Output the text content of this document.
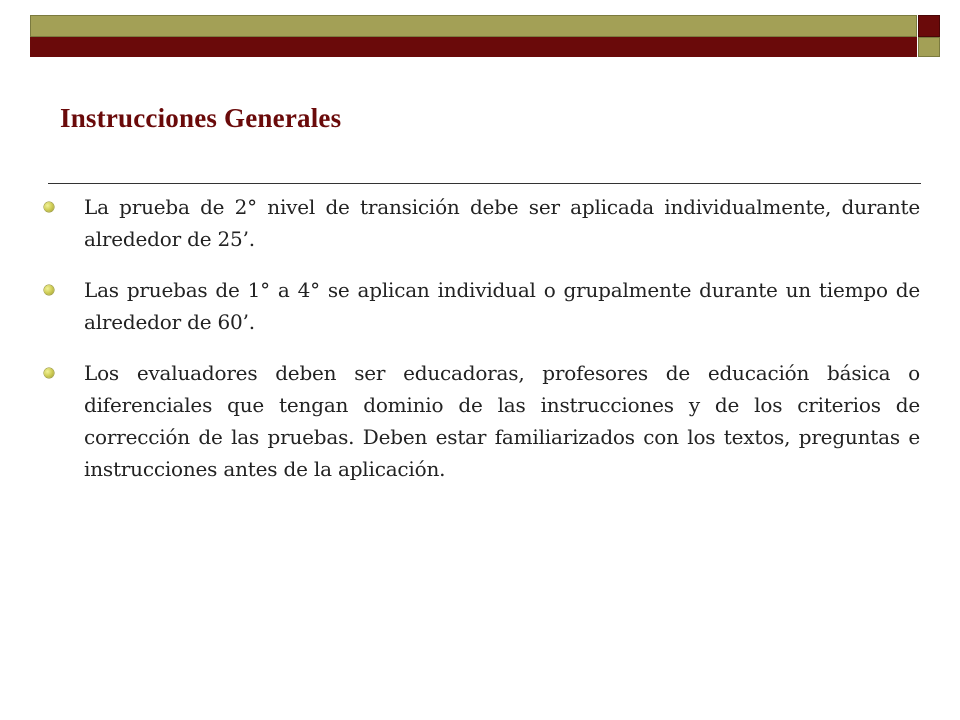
Instrucciones Generales
La prueba de 2° nivel de transición debe ser aplicada individualmente, durante alrededor de 25’.
Las pruebas de 1° a 4° se aplican individual o grupalmente durante un tiempo de alrededor de 60’.
Los evaluadores deben ser educadoras, profesores de educación básica o diferenciales que tengan dominio de las instrucciones y de los criterios de corrección de las pruebas. Deben estar familiarizados con los textos, preguntas e instrucciones antes de la aplicación.
